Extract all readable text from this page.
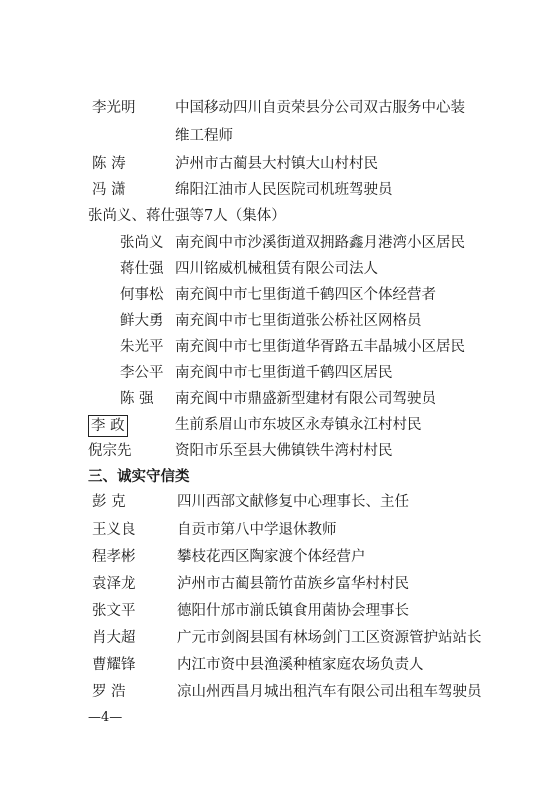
李光明	中国移动四川自贡荣县分公司双古服务中心装
维工程师
陈 涛	泸州市古蔺县大村镇大山村村民
冯 潇	绵阳江油市人民医院司机班驾驶员
张尚义、蒋仕强等7人（集体）
张尚义 南充阆中市沙溪街道双拥路鑫月港湾小区居民
蒋仕强 四川铭威机械租赁有限公司法人
何事松 南充阆中市七里街道千鹤四区个体经营者
鲜大勇 南充阆中市七里街道张公桥社区网格员
朱光平 南充阆中市七里街道华胥路五丰晶城小区居民
李公平 南充阆中市七里街道千鹤四区居民
陈 强 南充阆中市鼎盛新型建材有限公司驾驶员
李 政	生前系眉山市东坡区永寿镇永江村村民
倪宗先	资阳市乐至县大佛镇铁牛湾村村民
三、诚实守信类
彭 克	四川西部文献修复中心理事长、主任
王义良	自贡市第八中学退休教师
程孝彬	攀枝花西区陶家渡个体经营户
袁泽龙	泸州市古蔺县箭竹苗族乡富华村村民
张文平	德阳什邡市湔氐镇食用菌协会理事长
肖大超	广元市剑阁县国有林场剑门工区资源管护站站长
曹耀锋	内江市资中县渔溪种植家庭农场负责人
罗 浩	凉山州西昌月城出租汽车有限公司出租车驾驶员
—4—
